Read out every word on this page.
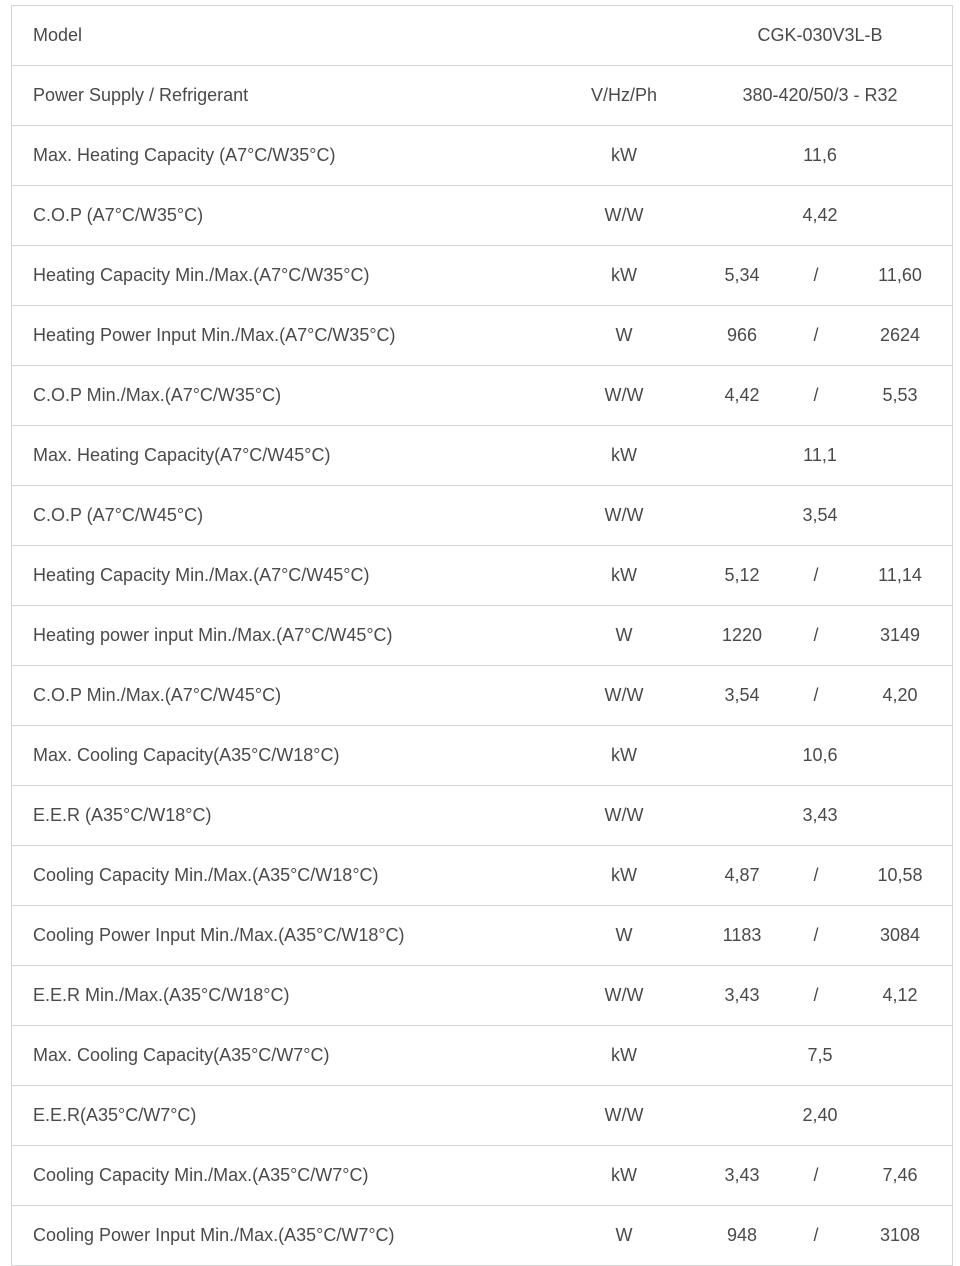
Model	CGK-030V3L-B
Power Supply / Refrigerant	V/Hz/Ph	380-420/50/3 - R32
Max. Heating Capacity (A7°C/W35°C)	kW	11,6
C.O.P (A7°C/W35°C)	W/W	4,42
Heating Capacity Min./Max.(A7°C/W35°C)	kW	5,34	/	11,60
Heating Power Input Min./Max.(A7°C/W35°C)	W	966	/	2624
C.O.P Min./Max.(A7°C/W35°C)	W/W	4,42	/	5,53
Max. Heating Capacity(A7°C/W45°C)	kW	11,1
C.O.P (A7°C/W45°C)	W/W	3,54
Heating Capacity Min./Max.(A7°C/W45°C)	kW	5,12	/	11,14
Heating power input Min./Max.(A7°C/W45°C)	W	1220	/	3149
C.O.P Min./Max.(A7°C/W45°C)	W/W	3,54	/	4,20
Max. Cooling Capacity(A35°C/W18°C)	kW	10,6
E.E.R (A35°C/W18°C)	W/W	3,43
Cooling Capacity Min./Max.(A35°C/W18°C)	kW	4,87	/	10,58
Cooling Power Input Min./Max.(A35°C/W18°C)	W	1183	/	3084
E.E.R Min./Max.(A35°C/W18°C)	W/W	3,43	/	4,12
Max. Cooling Capacity(A35°C/W7°C)	kW	7,5
E.E.R(A35°C/W7°C)	W/W	2,40
Cooling Capacity Min./Max.(A35°C/W7°C)	kW	3,43	/	7,46
Cooling Power Input Min./Max.(A35°C/W7°C)	W	948	/	3108
